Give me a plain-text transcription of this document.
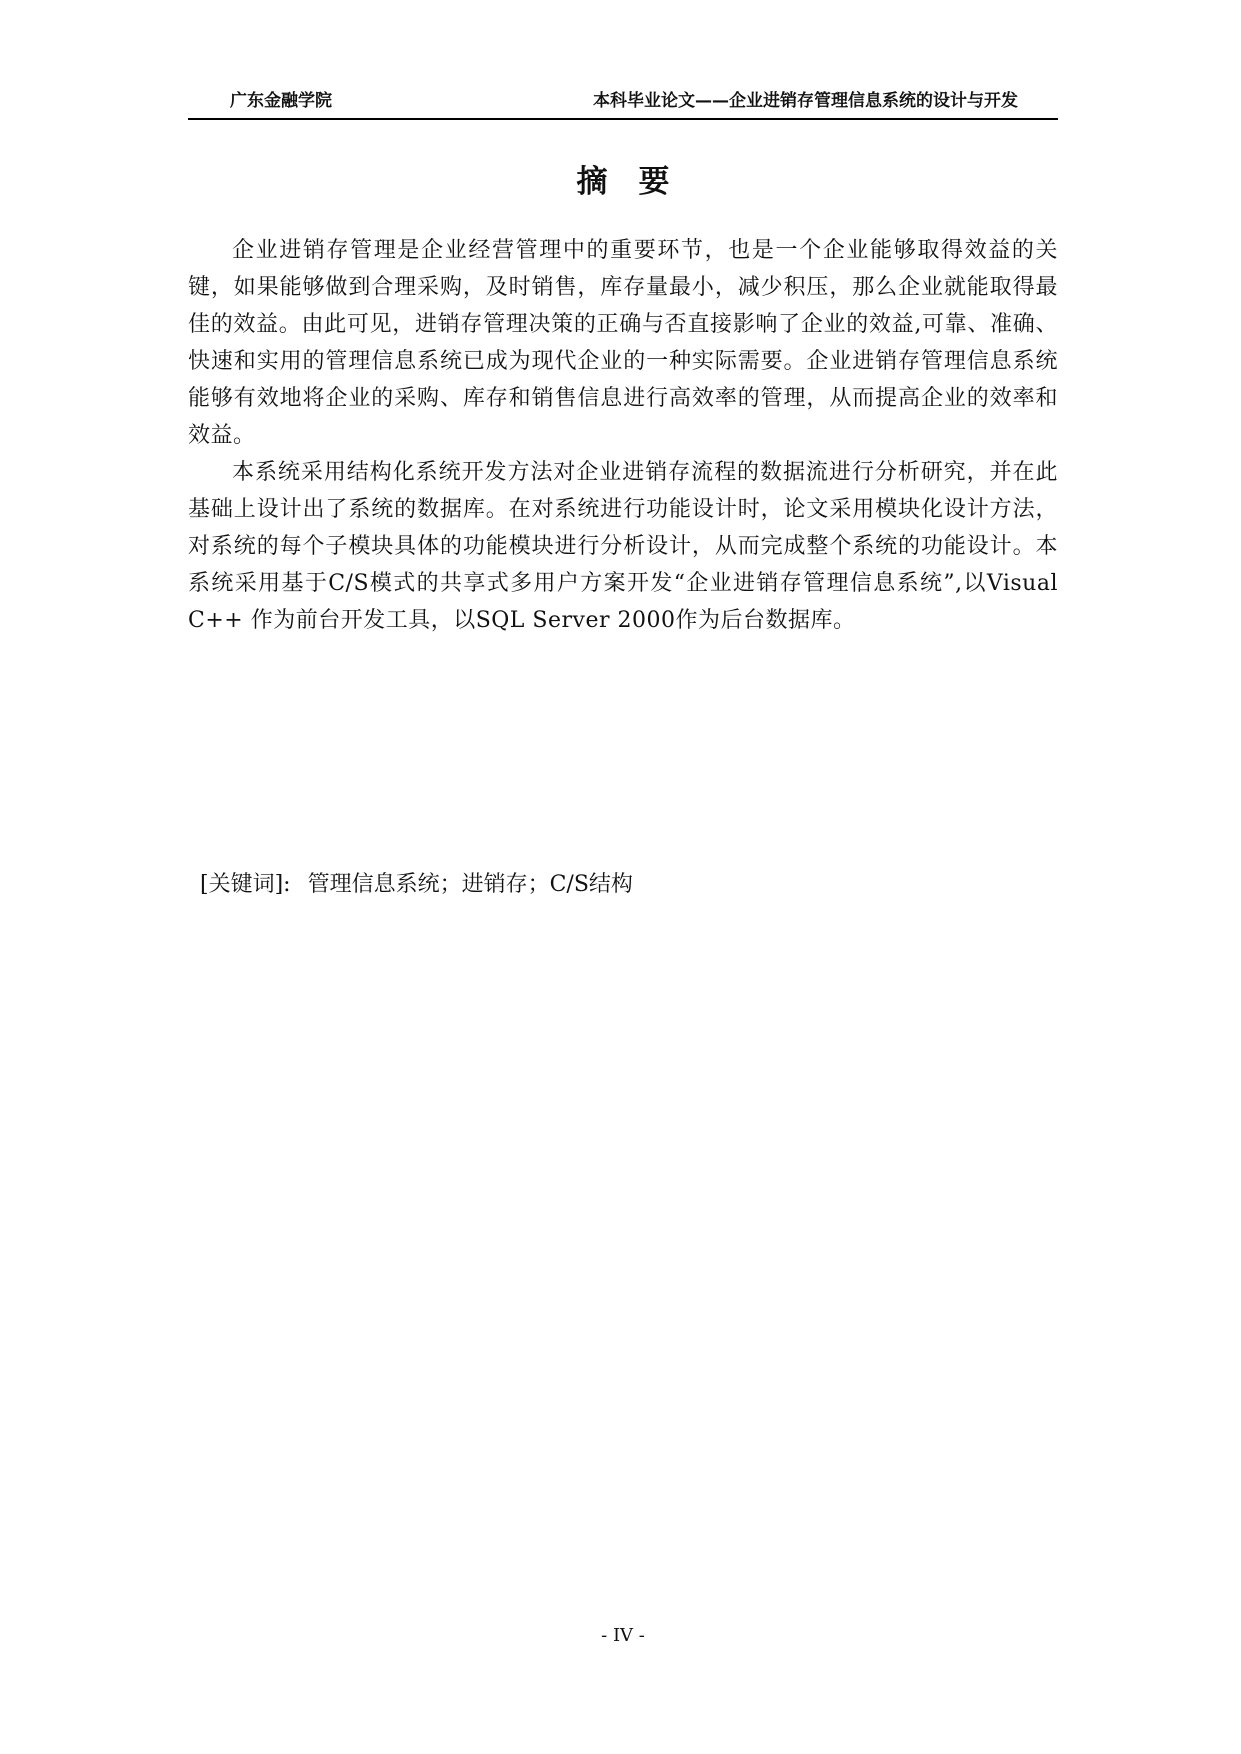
广东金融学院	本科毕业论文——企业进销存管理信息系统的设计与开发
摘　要

企业进销存管理是企业经营管理中的重要环节，也是一个企业能够取得效益的关键，如果能够做到合理采购，及时销售，库存量最小，减少积压，那么企业就能取得最佳的效益。由此可见，进销存管理决策的正确与否直接影响了企业的效益,可靠、准确、快速和实用的管理信息系统已成为现代企业的一种实际需要。企业进销存管理信息系统能够有效地将企业的采购、库存和销售信息进行高效率的管理，从而提高企业的效率和效益。

本系统采用结构化系统开发方法对企业进销存流程的数据流进行分析研究，并在此基础上设计出了系统的数据库。在对系统进行功能设计时，论文采用模块化设计方法，对系统的每个子模块具体的功能模块进行分析设计，从而完成整个系统的功能设计。本系统采用基于C/S模式的共享式多用户方案开发“企业进销存管理信息系统”,以Visual C++ 作为前台开发工具，以SQL Server 2000作为后台数据库。

[关键词]: 管理信息系统；进销存；C/S结构
- IV -
